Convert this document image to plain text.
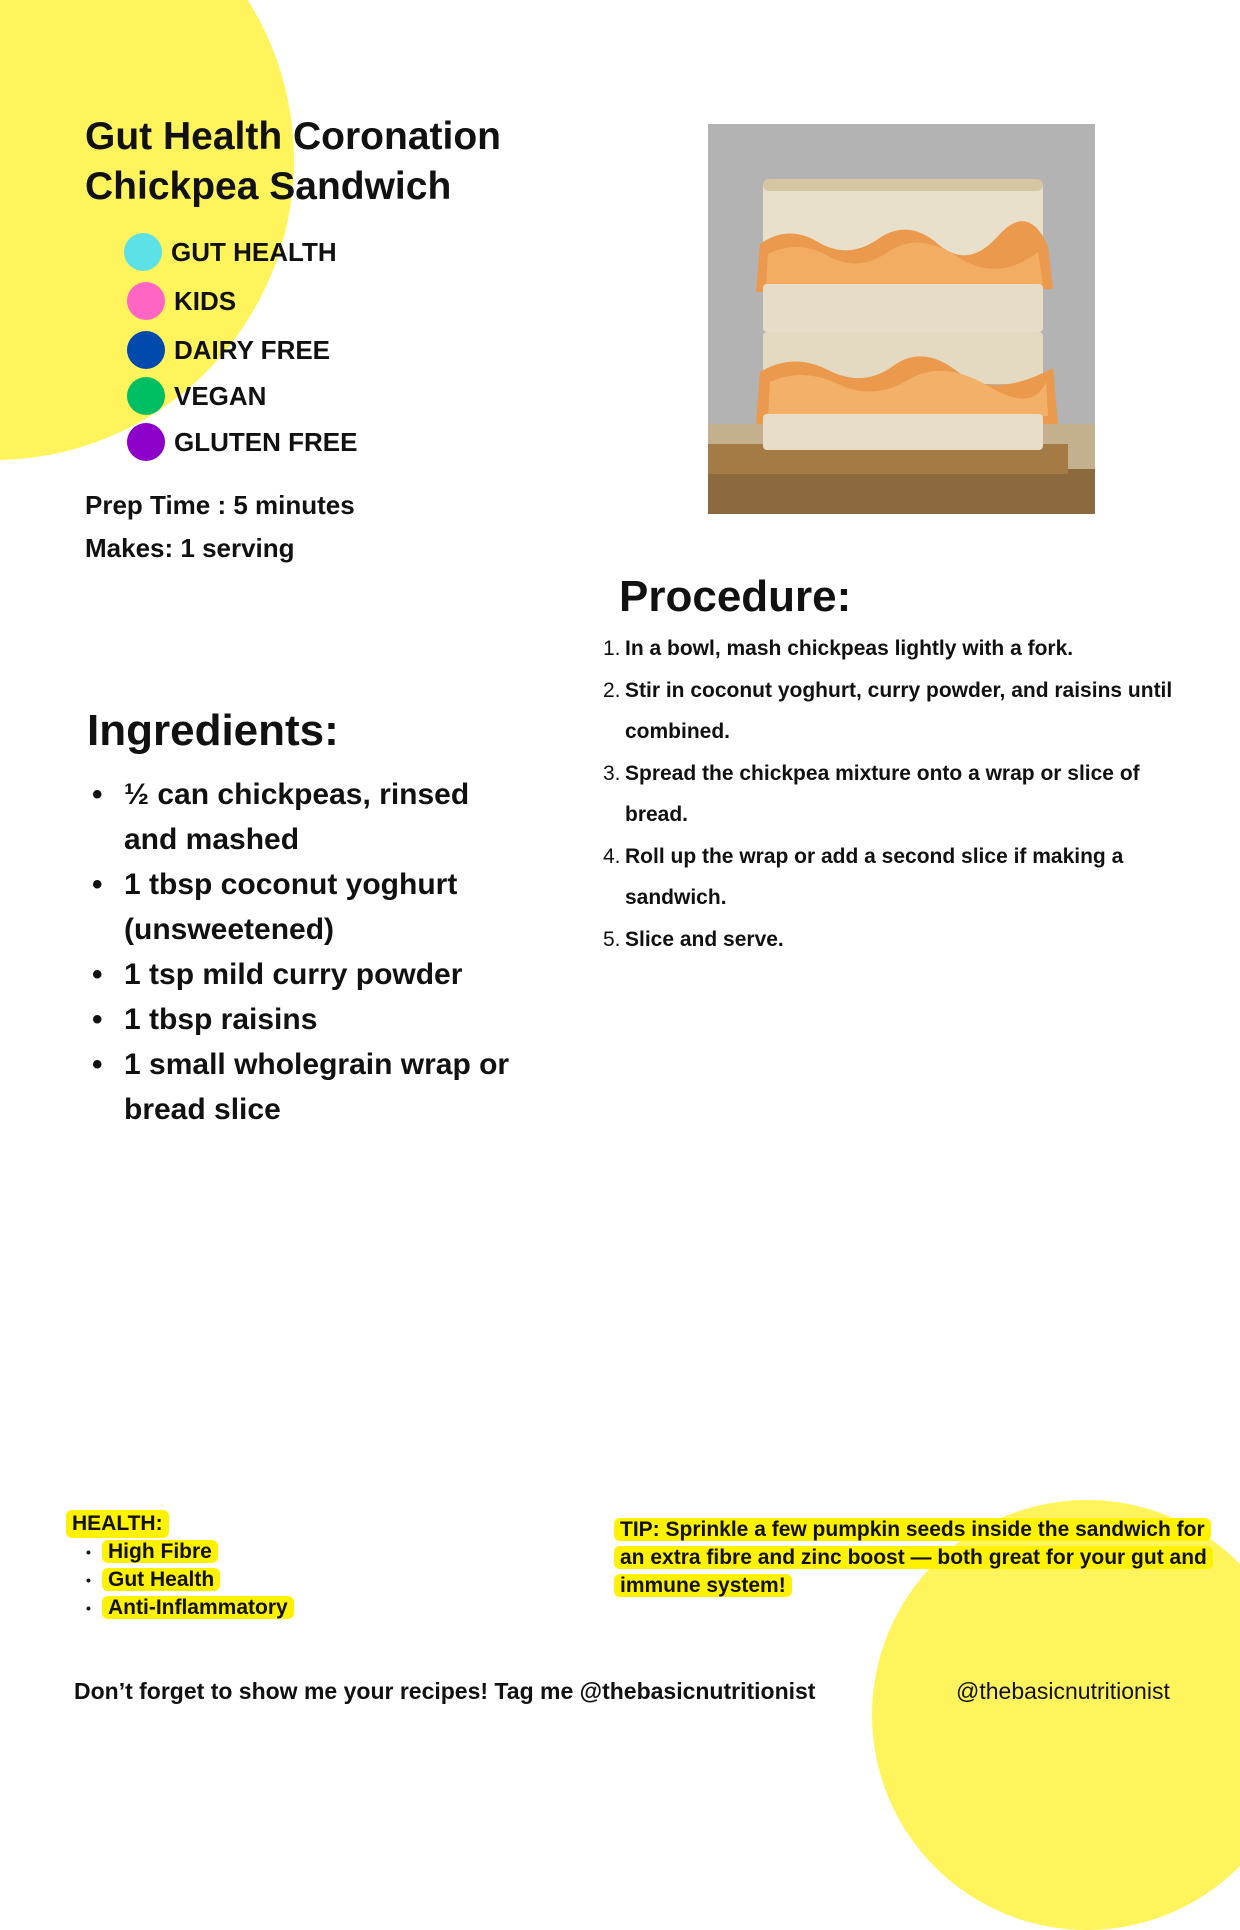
Gut Health Coronation Chickpea Sandwich
GUT HEALTH
KIDS
DAIRY FREE
VEGAN
GLUTEN FREE
Prep Time : 5 minutes
Makes: 1 serving
Ingredients:
• ½ can chickpeas, rinsed and mashed
• 1 tbsp coconut yoghurt (unsweetened)
• 1 tsp mild curry powder
• 1 tbsp raisins
• 1 small wholegrain wrap or bread slice
Procedure:
1. In a bowl, mash chickpeas lightly with a fork.
2. Stir in coconut yoghurt, curry powder, and raisins until combined.
3. Spread the chickpea mixture onto a wrap or slice of bread.
4. Roll up the wrap or add a second slice if making a sandwich.
5. Slice and serve.
HEALTH:
• High Fibre
• Gut Health
• Anti-Inflammatory
TIP: Sprinkle a few pumpkin seeds inside the sandwich for an extra fibre and zinc boost — both great for your gut and immune system!
Don’t forget to show me your recipes! Tag me @thebasicnutritionist	@thebasicnutritionist
